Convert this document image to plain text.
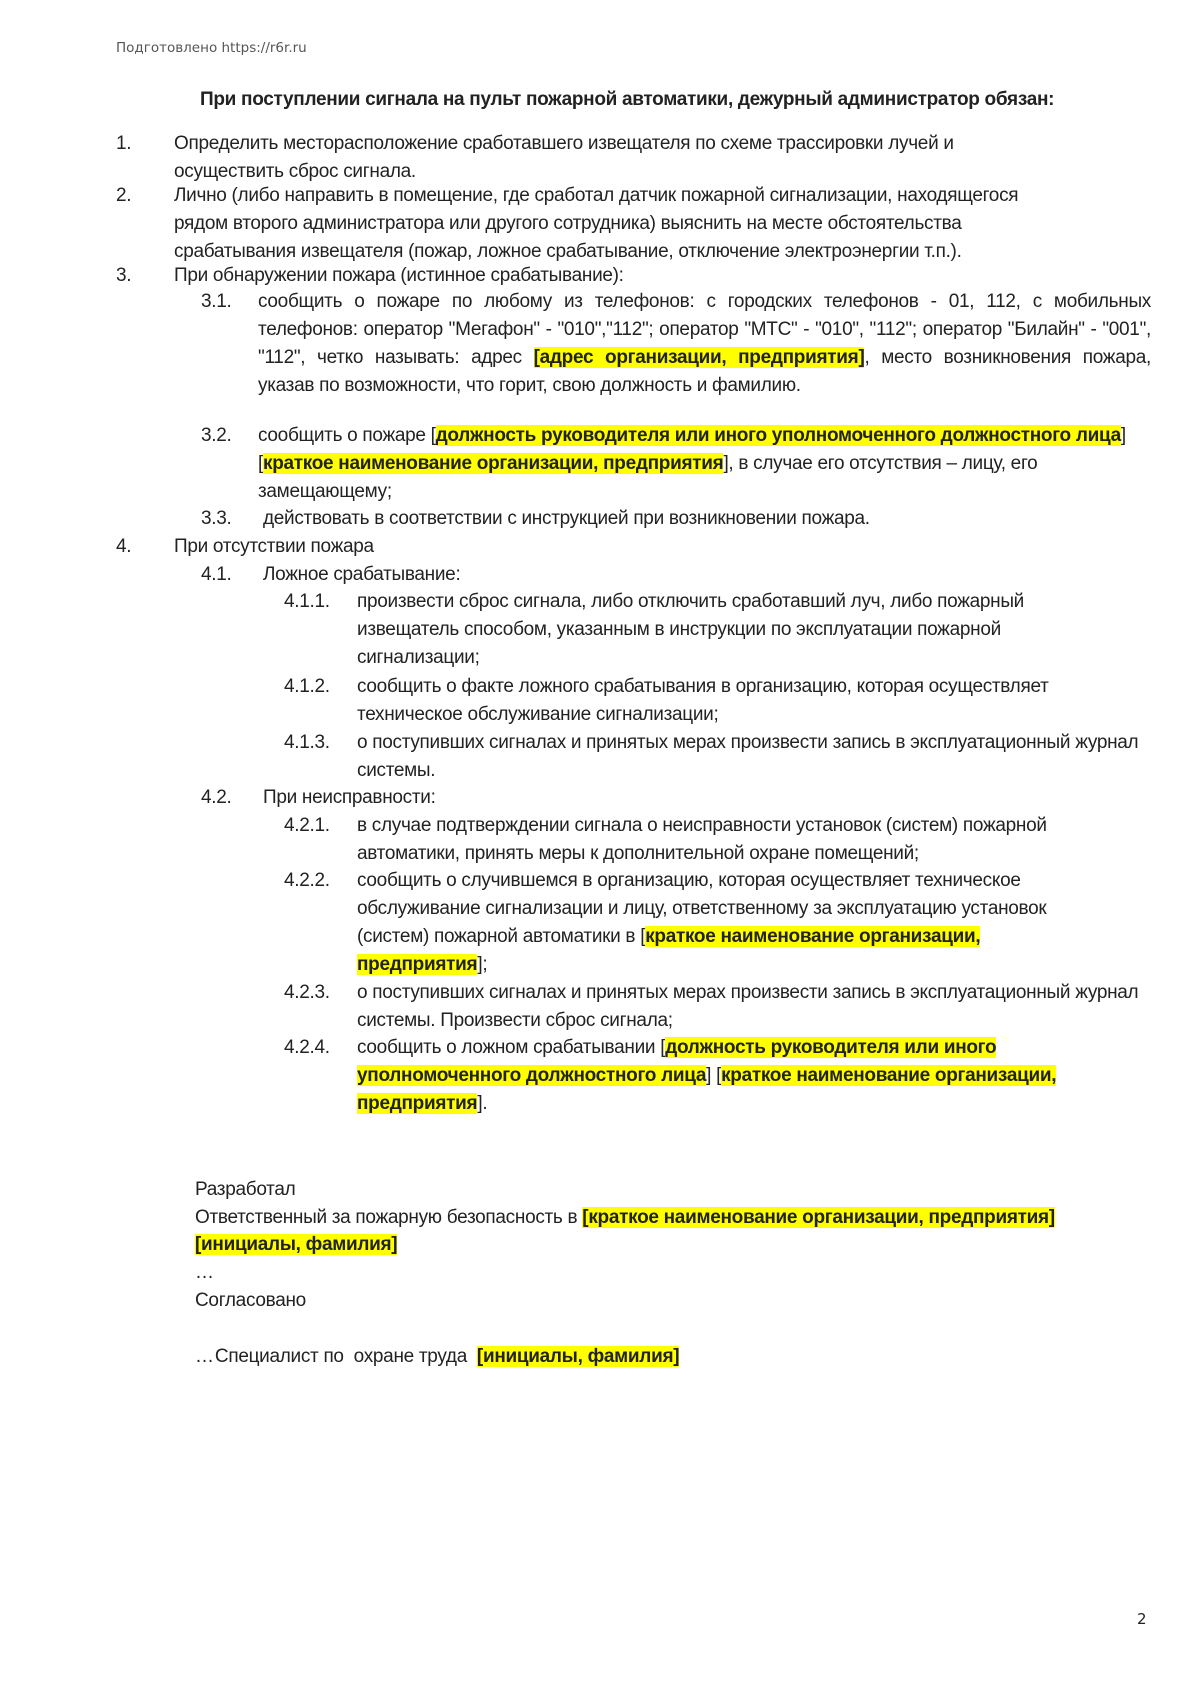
Подготовлено https://r6r.ru
При поступлении сигнала на пульт пожарной автоматики, дежурный администратор обязан:
1. Определить месторасположение сработавшего извещателя по схеме трассировки лучей и осуществить сброс сигнала.
2. Лично (либо направить в помещение, где сработал датчик пожарной сигнализации, находящегося рядом второго администратора или другого сотрудника) выяснить на месте обстоятельства срабатывания извещателя (пожар, ложное срабатывание, отключение электроэнергии т.п.).
3. При обнаружении пожара (истинное срабатывание):
3.1. сообщить о пожаре по любому из телефонов: с городских телефонов - 01, 112, с мобильных телефонов: оператор "Мегафон" - "010","112"; оператор "МТС" - "010", "112"; оператор "Билайн" - "001", "112", четко называть: адрес [адрес организации, предприятия], место возникновения пожара, указав по возможности, что горит, свою должность и фамилию.
3.2. сообщить о пожаре [должность руководителя или иного уполномоченного должностного лица] [краткое наименование организации, предприятия], в случае его отсутствия – лицу, его замещающему;
3.3. действовать в соответствии с инструкцией при возникновении пожара.
4. При отсутствии пожара
4.1. Ложное срабатывание:
4.1.1. произвести сброс сигнала, либо отключить сработавший луч, либо пожарный извещатель способом, указанным в инструкции по эксплуатации пожарной сигнализации;
4.1.2. сообщить о факте ложного срабатывания в организацию, которая осуществляет техническое обслуживание сигнализации;
4.1.3. о поступивших сигналах и принятых мерах произвести запись в эксплуатационный журнал системы.
4.2. При неисправности:
4.2.1. в случае подтверждении сигнала о неисправности установок (систем) пожарной автоматики, принять меры к дополнительной охране помещений;
4.2.2. сообщить о случившемся в организацию, которая осуществляет техническое обслуживание сигнализации и лицу, ответственному за эксплуатацию установок (систем) пожарной автоматики в [краткое наименование организации, предприятия];
4.2.3. о поступивших сигналах и принятых мерах произвести запись в эксплуатационный журнал системы. Произвести сброс сигнала;
4.2.4. сообщить о ложном срабатывании [должность руководителя или иного уполномоченного должностного лица] [краткое наименование организации, предприятия].
Разработал
Ответственный за пожарную безопасность в [краткое наименование организации, предприятия]
[инициалы, фамилия]
…
Согласовано

Специалист по  охране труда  [инициалы, фамилия]

…
2
